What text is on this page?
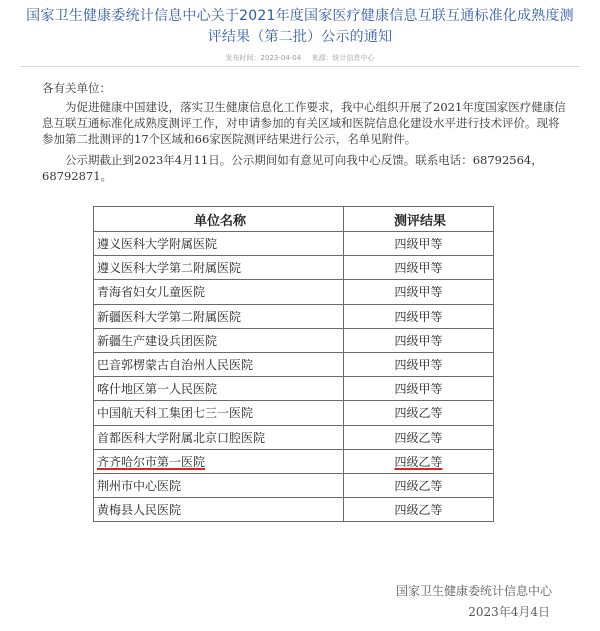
国家卫生健康委统计信息中心关于2021年度国家医疗健康信息互联互通标准化成熟度测评结果（第二批）公示的通知
发布时间：2023-04-04 来源：统计信息中心
各有关单位：
为促进健康中国建设，落实卫生健康信息化工作要求，我中心组织开展了2021年度国家医疗健康信息互联互通标准化成熟度测评工作，对申请参加的有关区域和医院信息化建设水平进行技术评价。现将参加第二批测评的17个区域和66家医院测评结果进行公示，名单见附件。
公示期截止到2023年4月11日。公示期间如有意见可向我中心反馈。联系电话：68792564，68792871。
单位名称	测评结果
遵义医科大学附属医院	四级甲等
遵义医科大学第二附属医院	四级甲等
青海省妇女儿童医院	四级甲等
新疆医科大学第二附属医院	四级甲等
新疆生产建设兵团医院	四级甲等
巴音郭楞蒙古自治州人民医院	四级甲等
喀什地区第一人民医院	四级甲等
中国航天科工集团七三一医院	四级乙等
首都医科大学附属北京口腔医院	四级乙等
齐齐哈尔市第一医院	四级乙等
荆州市中心医院	四级乙等
黄梅县人民医院	四级乙等
国家卫生健康委统计信息中心
2023年4月4日
